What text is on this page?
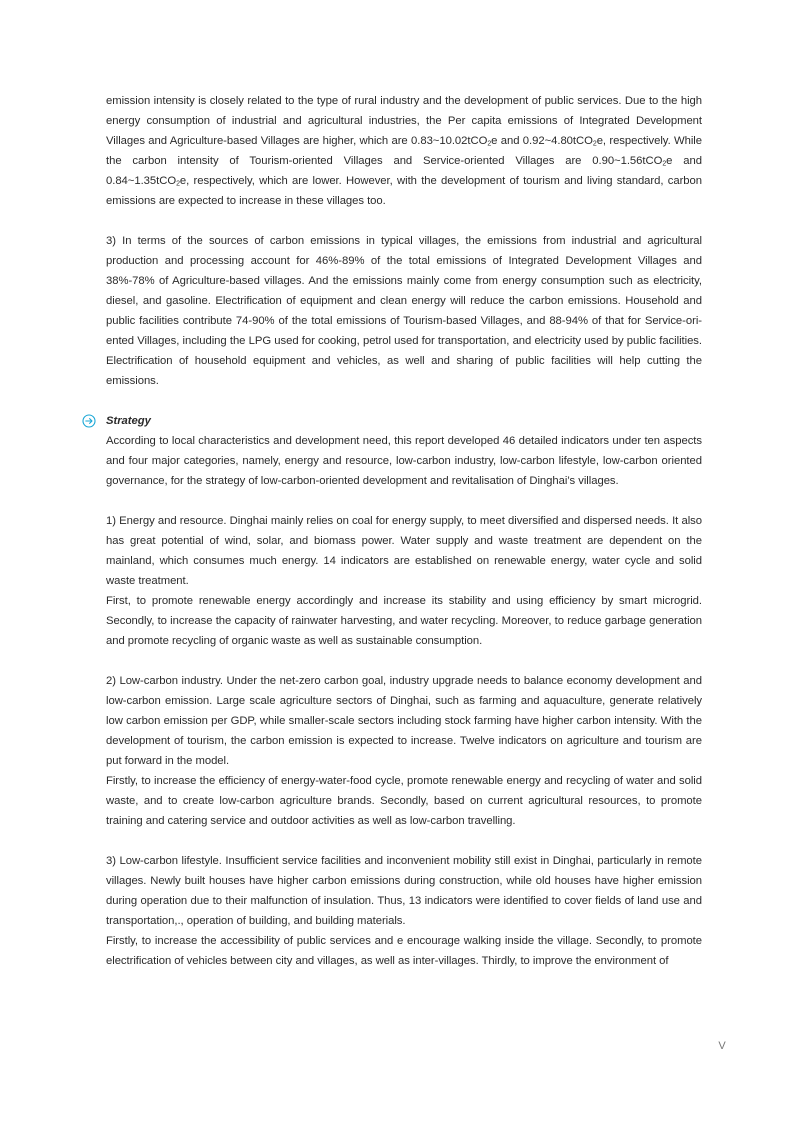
emission intensity is closely related to the type of rural industry and the development of public services. Due to the high energy consumption of industrial and agricultural industries, the Per capita emissions of Integrated Development Villages and Agriculture-based Villages are higher, which are 0.83~10.02tCO$_2$e and 0.92~4.80tCO$_2$e, respectively. While the carbon intensity of Tourism-oriented Villages and Service-oriented Villages are 0.90~1.56tCO$_2$e and 0.84~1.35tCO$_2$e, respectively, which are lower. However, with the development of tourism and living standard, carbon emissions are expected to increase in these villages too.

3) In terms of the sources of carbon emissions in typical villages, the emissions from industrial and agricultural production and processing account for 46%-89% of the total emissions of Integrated Development Villages and 38%-78% of Agriculture-based villages. And the emissions mainly come from energy consumption such as electricity, diesel, and gasoline. Electrification of equipment and clean energy will reduce the carbon emissions. Household and public facilities contribute 74-90% of the total emissions of Tourism-based Villages, and 88-94% of that for Service-ori- ented Villages, including the LPG used for cooking, petrol used for transportation, and electricity used by public facilities. Electrification of household equipment and vehicles, as well and sharing of public facilities will help cutting the emissions.

Strategy

According to local characteristics and development need, this report developed 46 detailed indicators under ten aspects and four major categories, namely, energy and resource, low-carbon industry, low-carbon lifestyle, low-carbon oriented governance, for the strategy of low-carbon-oriented development and revitalisation of Dinghai’s villages.

1) Energy and resource. Dinghai mainly relies on coal for energy supply, to meet diversified and dispersed needs. It also has great potential of wind, solar, and biomass power. Water supply and waste treatment are dependent on the mainland, which consumes much energy. 14 indicators are established on renewable energy, water cycle and solid waste treatment.

First, to promote renewable energy accordingly and increase its stability and using efficiency by smart microgrid. Secondly, to increase the capacity of rainwater harvesting, and water recycling. Moreover, to reduce garbage generation and promote recycling of organic waste as well as sustainable consumption.

2) Low-carbon industry. Under the net-zero carbon goal, industry upgrade needs to balance economy development and low-carbon emission. Large scale agriculture sectors of Dinghai, such as farming and aquaculture, generate relatively low carbon emission per GDP, while smaller-scale sectors including stock farming have higher carbon intensity. With the development of tourism, the carbon emission is expected to increase. Twelve indicators on agriculture and tourism are put forward in the model.

Firstly, to increase the efficiency of energy-water-food cycle, promote renewable energy and recycling of water and solid waste, and to create low-carbon agriculture brands. Secondly, based on current agricultural resources, to promote training and catering service and outdoor activities as well as low-carbon travelling.

3) Low-carbon lifestyle. Insufficient service facilities and inconvenient mobility still exist in Dinghai, particularly in remote villages. Newly built houses have higher carbon emissions during construction, while old houses have higher emission during operation due to their malfunction of insulation. Thus, 13 indicators were identified to cover fields of land use and transportation,., operation of building, and building materials.

Firstly, to increase the accessibility of public services and e encourage walking inside the village. Secondly, to promote electrification of vehicles between city and villages, as well as inter-villages. Thirdly, to improve the environment of

V
